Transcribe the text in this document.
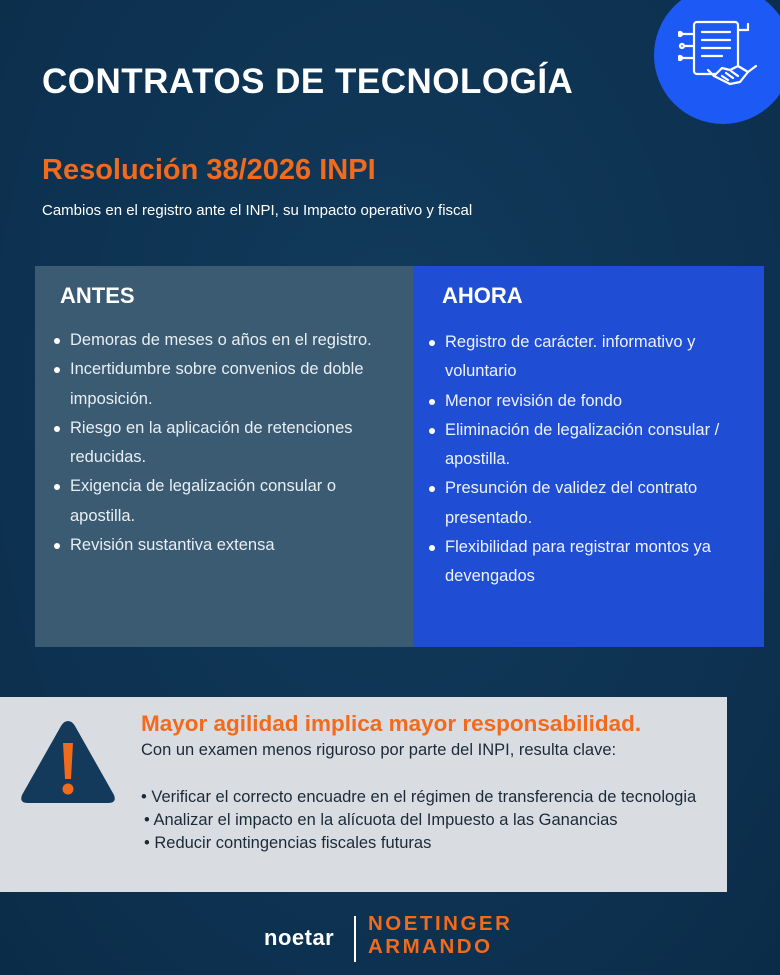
CONTRATOS DE TECNOLOGÍA
Resolución 38/2026 INPI
Cambios en el registro ante el INPI, su Impacto operativo y fiscal
ANTES
Demoras de meses o años en el registro.
Incertidumbre sobre convenios de doble imposición.
Riesgo en la aplicación de retenciones reducidas.
Exigencia de legalización consular o apostilla.
Revisión sustantiva extensa
AHORA
Registro de carácter. informativo y voluntario
Menor revisión de fondo
Eliminación de legalización consular / apostilla.
Presunción de validez del contrato presentado.
Flexibilidad para registrar montos ya devengados
Mayor agilidad implica mayor responsabilidad.
Con un examen menos riguroso por parte del INPI, resulta clave:
• Verificar el correcto encuadre en el régimen de transferencia de tecnologia
• Analizar el impacto en la alícuota del Impuesto a las Ganancias
• Reducir contingencias fiscales futuras
noetar
NOETINGER
ARMANDO
